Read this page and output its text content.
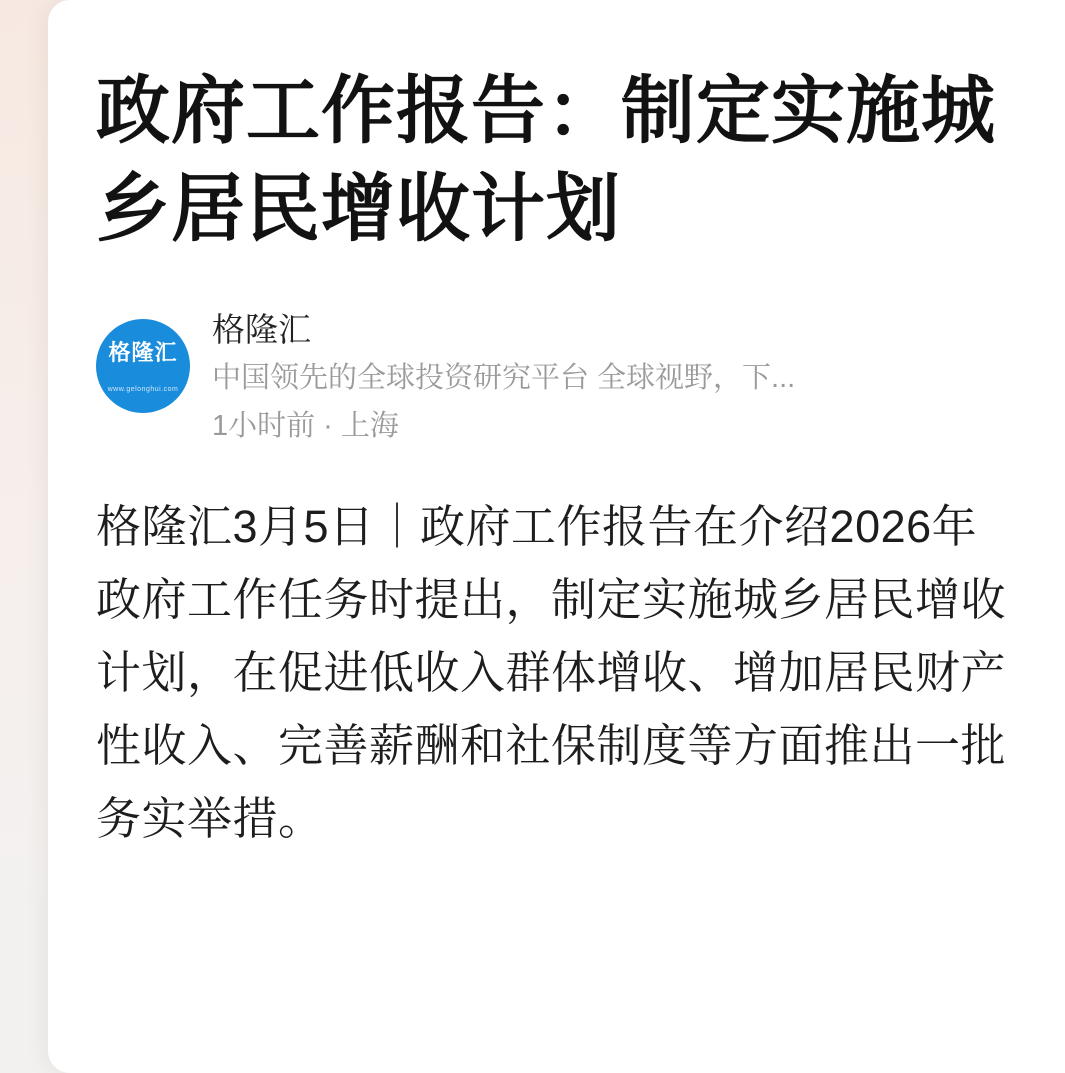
政府工作报告：制定实施城乡居民增收计划
格隆汇
www.gelonghui.com

格隆汇

中国领先的全球投资研究平台 全球视野，下...

1小时前 · 上海

格隆汇3月5日｜政府工作报告在介绍2026年政府工作任务时提出，制定实施城乡居民增收计划，在促进低收入群体增收、增加居民财产性收入、完善薪酬和社保制度等方面推出一批务实举措。
